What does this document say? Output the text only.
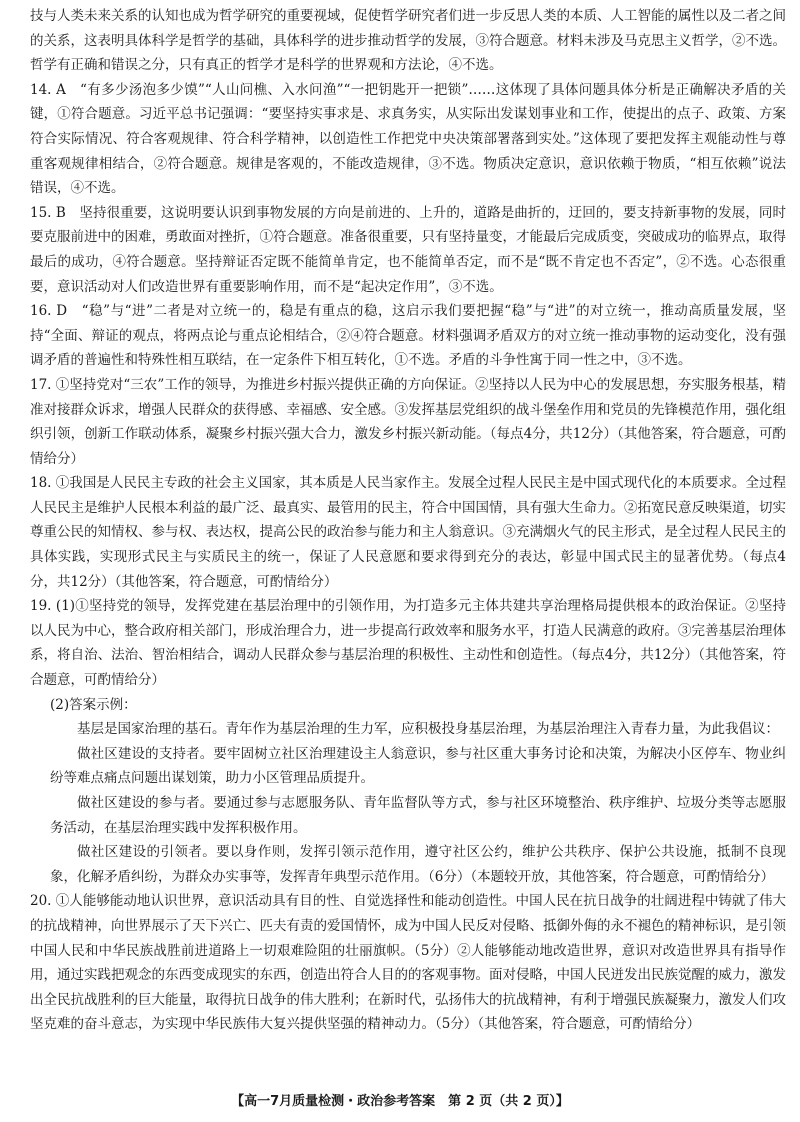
技与人类未来关系的认知也成为哲学研究的重要视域，促使哲学研究者们进一步反思人类的本质、人工智能的属性以及二者之间的关系，这表明具体科学是哲学的基础，具体科学的进步推动哲学的发展，③符合题意。材料未涉及马克思主义哲学，②不选。哲学有正确和错误之分，只有真正的哲学才是科学的世界观和方法论，④不选。

14. A　“有多少汤泡多少馍”“人山问樵、入水问渔”“一把钥匙开一把锁”……这体现了具体问题具体分析是正确解决矛盾的关键，①符合题意。习近平总书记强调：“要坚持实事求是、求真务实，从实际出发谋划事业和工作，使提出的点子、政策、方案符合实际情况、符合客观规律、符合科学精神，以创造性工作把党中央决策部署落到实处。”这体现了要把发挥主观能动性与尊重客观规律相结合，②符合题意。规律是客观的，不能改造规律，③不选。物质决定意识，意识依赖于物质，“相互依赖”说法错误，④不选。

15. B　坚持很重要，这说明要认识到事物发展的方向是前进的、上升的，道路是曲折的，迂回的，要支持新事物的发展，同时要克服前进中的困难，勇敢面对挫折，①符合题意。准备很重要，只有坚持量变，才能最后完成质变，突破成功的临界点，取得最后的成功，④符合题意。坚持辩证否定既不能简单肯定，也不能简单否定，而不是“既不肯定也不否定”，②不选。心态很重要，意识活动对人们改造世界有重要影响作用，而不是“起决定作用”，③不选。

16. D　“稳”与“进”二者是对立统一的，稳是有重点的稳，这启示我们要把握“稳”与“进”的对立统一，推动高质量发展，坚持“全面、辩证的观点，将两点论与重点论相结合，②④符合题意。材料强调矛盾双方的对立统一推动事物的运动变化，没有强调矛盾的普遍性和特殊性相互联结，在一定条件下相互转化，①不选。矛盾的斗争性寓于同一性之中，③不选。

17. ①坚持党对“三农”工作的领导，为推进乡村振兴提供正确的方向保证。②坚持以人民为中心的发展思想，夯实服务根基，精准对接群众诉求，增强人民群众的获得感、幸福感、安全感。③发挥基层党组织的战斗堡垒作用和党员的先锋模范作用，强化组织引领，创新工作联动体系，凝聚乡村振兴强大合力，激发乡村振兴新动能。（每点4分，共12分）（其他答案，符合题意，可酌情给分）

18. ①我国是人民民主专政的社会主义国家，其本质是人民当家作主。发展全过程人民民主是中国式现代化的本质要求。全过程人民民主是维护人民根本利益的最广泛、最真实、最管用的民主，符合中国国情，具有强大生命力。②拓宽民意反映渠道，切实尊重公民的知情权、参与权、表达权，提高公民的政治参与能力和主人翁意识。③充满烟火气的民主形式，是全过程人民民主的具体实践，实现形式民主与实质民主的统一，保证了人民意愿和要求得到充分的表达，彰显中国式民主的显著优势。（每点4分，共12分）（其他答案，符合题意，可酌情给分）

19. (1)①坚持党的领导，发挥党建在基层治理中的引领作用，为打造多元主体共建共享治理格局提供根本的政治保证。②坚持以人民为中心，整合政府相关部门，形成治理合力，进一步提高行政效率和服务水平，打造人民满意的政府。③完善基层治理体系，将自治、法治、智治相结合，调动人民群众参与基层治理的积极性、主动性和创造性。（每点4分，共12分）（其他答案，符合题意，可酌情给分）

(2)答案示例：

基层是国家治理的基石。青年作为基层治理的生力军，应积极投身基层治理，为基层治理注入青春力量，为此我倡议：

做社区建设的支持者。要牢固树立社区治理建设主人翁意识，参与社区重大事务讨论和决策，为解决小区停车、物业纠纷等难点痛点问题出谋划策，助力小区管理品质提升。

做社区建设的参与者。要通过参与志愿服务队、青年监督队等方式，参与社区环境整治、秩序维护、垃圾分类等志愿服务活动，在基层治理实践中发挥积极作用。

做社区建设的引领者。要以身作则，发挥引领示范作用，遵守社区公约，维护公共秩序、保护公共设施，抵制不良现象，化解矛盾纠纷，为群众办实事等，发挥青年典型示范作用。（6分）（本题较开放，其他答案，符合题意，可酌情给分）

20. ①人能够能动地认识世界，意识活动具有目的性、自觉选择性和能动创造性。中国人民在抗日战争的壮阔进程中铸就了伟大的抗战精神，向世界展示了天下兴亡、匹夫有责的爱国情怀，成为中国人民反对侵略、抵御外侮的永不褪色的精神标识，是引领中国人民和中华民族战胜前进道路上一切艰难险阻的壮丽旗帜。（5分）②人能够能动地改造世界，意识对改造世界具有指导作用，通过实践把观念的东西变成现实的东西，创造出符合人目的的客观事物。面对侵略，中国人民迸发出民族觉醒的威力，激发出全民抗战胜利的巨大能量，取得抗日战争的伟大胜利；在新时代，弘扬伟大的抗战精神，有利于增强民族凝聚力，激发人们攻坚克难的奋斗意志，为实现中华民族伟大复兴提供坚强的精神动力。（5分）（其他答案，符合题意，可酌情给分）

【高一7月质量检测・政治参考答案　第 2 页（共 2 页）】
